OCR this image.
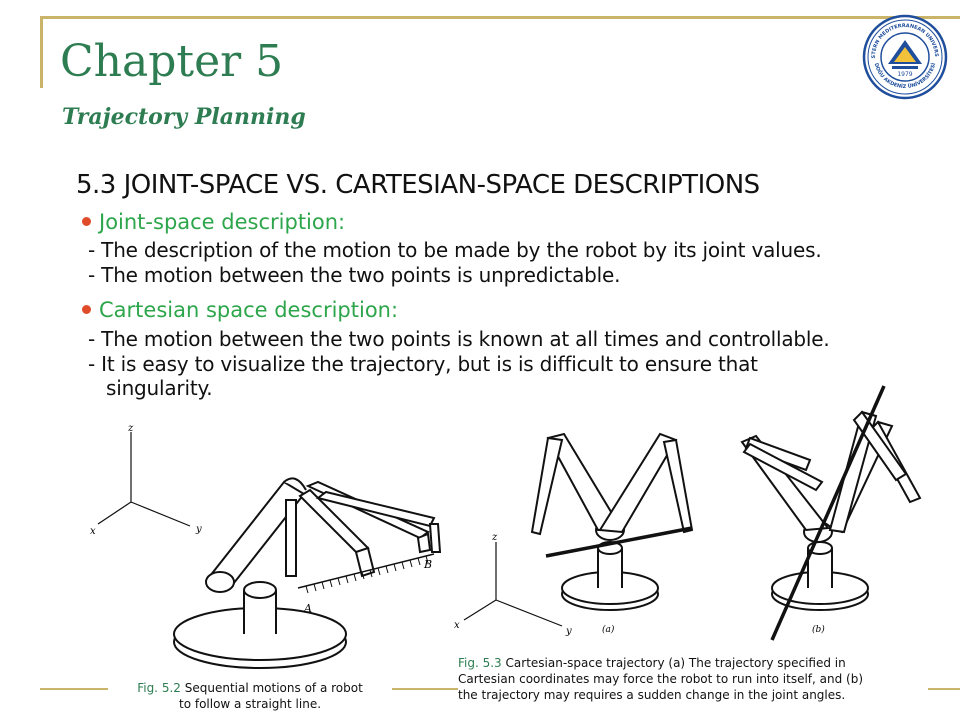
Chapter 5
Trajectory Planning
STERN MEDITERRANEAN UNIVERS
DOĞU AKDENİZ ÜNİVERSİTESİ
1979
5.3 JOINT-SPACE VS. CARTESIAN-SPACE DESCRIPTIONS
Joint-space description:
- The description of the motion to be made by the robot by its joint values.
- The motion between the two points is unpredictable.
Cartesian space description:
- The motion between the two points is known at all times and controllable.
- It is easy to visualize the trajectory, but is is difficult to ensure that
singularity.
z
x	y
A
B
z
x
y	(a)	(b)
Fig. 5.2 Sequential motions of a robot
to follow a straight line.
Fig. 5.3 Cartesian-space trajectory (a) The trajectory specified in
Cartesian coordinates may force the robot to run into itself, and (b)
the trajectory may requires a sudden change in the joint angles.
